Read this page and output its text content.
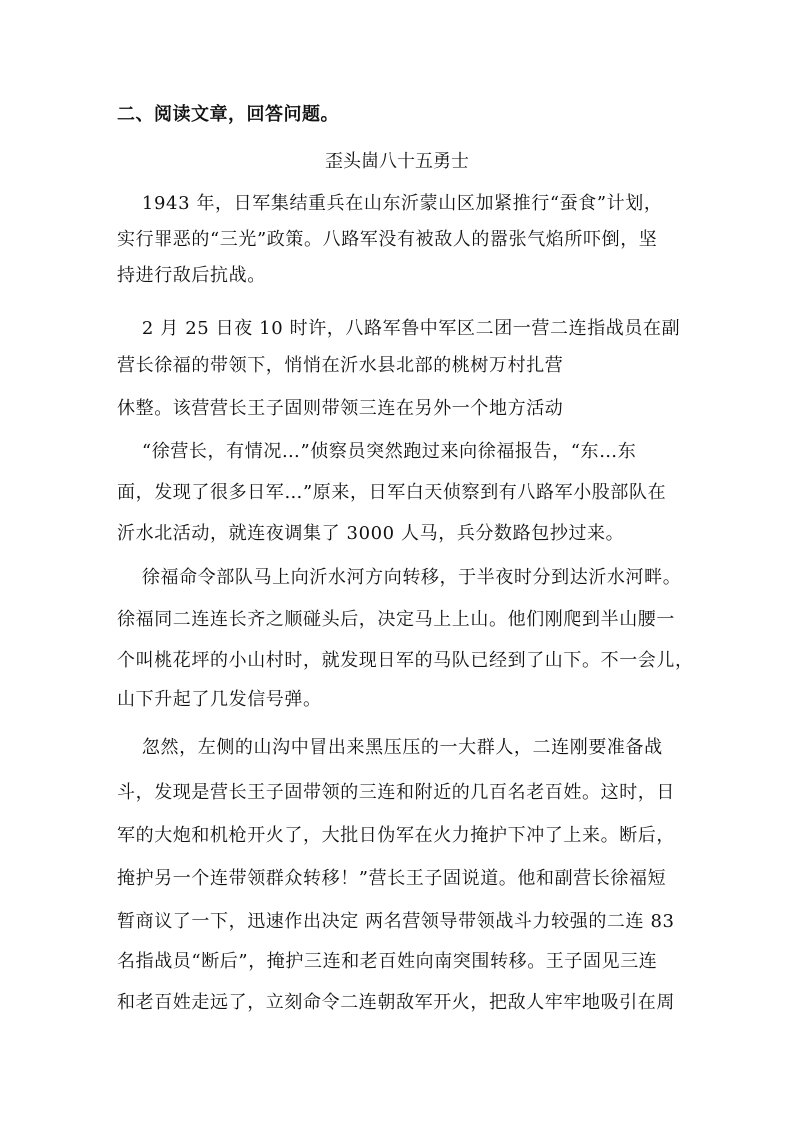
二、阅读文章，回答问题。
歪头崮八十五勇士
　 1943 年，日军集结重兵在山东沂蒙山区加紧推行“蚕食”计划，
实行罪恶的“三光”政策。八路军没有被敌人的嚣张气焰所吓倒，坚
持进行敌后抗战。
　 2 月 25 日夜 10 时许，八路军鲁中军区二团一营二连指战员在副
营长徐福的带领下，悄悄在沂水县北部的桃树万村扎营
休整。该营营长王子固则带领三连在另外一个地方活动
　 “徐营长，有情况…”侦察员突然跑过来向徐福报告，“东…东
面，发现了很多日军…”原来，日军白天侦察到有八路军小股部队在
沂水北活动，就连夜调集了 3000 人马，兵分数路包抄过来。
　 徐福命令部队马上向沂水河方向转移，于半夜时分到达沂水河畔。
徐福同二连连长齐之顺碰头后，决定马上上山。他们刚爬到半山腰一
个叫桃花坪的小山村时，就发现日军的马队已经到了山下。不一会儿，
山下升起了几发信号弹。
　 忽然，左侧的山沟中冒出来黑压压的一大群人，二连刚要准备战
斗，发现是营长王子固带领的三连和附近的几百名老百姓。这时，日
军的大炮和机枪开火了，大批日伪军在火力掩护下冲了上来。断后，
掩护另一个连带领群众转移！”营长王子固说道。他和副营长徐福短
暂商议了一下，迅速作出决定 两名营领导带领战斗力较强的二连 83
名指战员“断后”，掩护三连和老百姓向南突围转移。王子固见三连
和老百姓走远了，立刻命令二连朝敌军开火，把敌人牢牢地吸引在周
